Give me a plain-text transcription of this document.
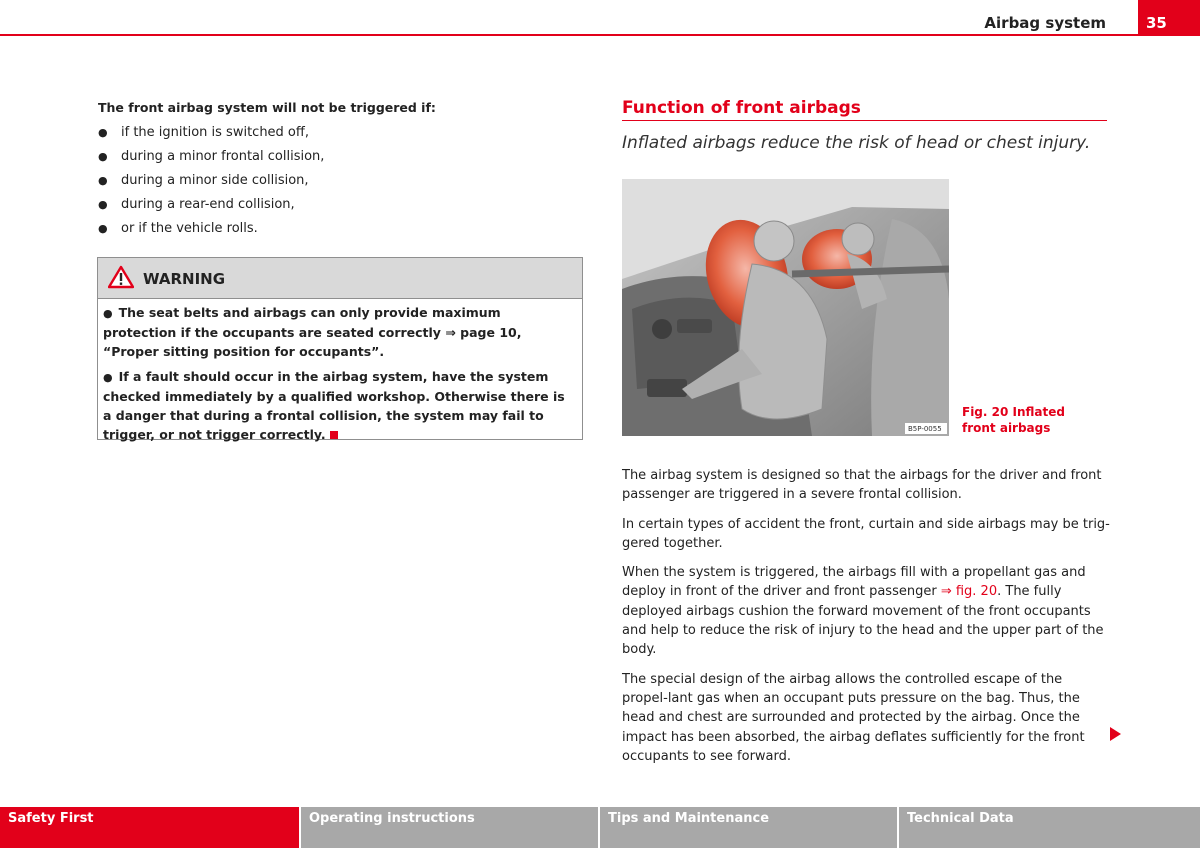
Airbag system	35

The front airbag system will not be triggered if:

● if the ignition is switched off,
● during a minor frontal collision,
● during a minor side collision,
● during a rear-end collision,
● or if the vehicle rolls.
WARNING

● The seat belts and airbags can only provide maximum protection if the occupants are seated correctly ⇒ page 10, “Proper sitting position for occupants”.

● If a fault should occur in the airbag system, have the system checked immediately by a qualified workshop. Otherwise there is a danger that during a frontal collision, the system may fail to trigger, or not trigger correctly.

Function of front airbags
Inflated airbags reduce the risk of head or chest injury.
B5P-0055
Fig. 20 Inflated front airbags

The airbag system is designed so that the airbags for the driver and front passenger are triggered in a severe frontal collision.

In certain types of accident the front, curtain and side airbags may be trig-gered together.

When the system is triggered, the airbags fill with a propellant gas and deploy in front of the driver and front passenger ⇒ fig. 20. The fully deployed airbags cushion the forward movement of the front occupants and help to reduce the risk of injury to the head and the upper part of the body.

The special design of the airbag allows the controlled escape of the propel-lant gas when an occupant puts pressure on the bag. Thus, the head and chest are surrounded and protected by the airbag. Once the impact has been absorbed, the airbag deflates sufficiently for the front occupants to see forward.

Safety First	Operating instructions	Tips and Maintenance	Technical Data
